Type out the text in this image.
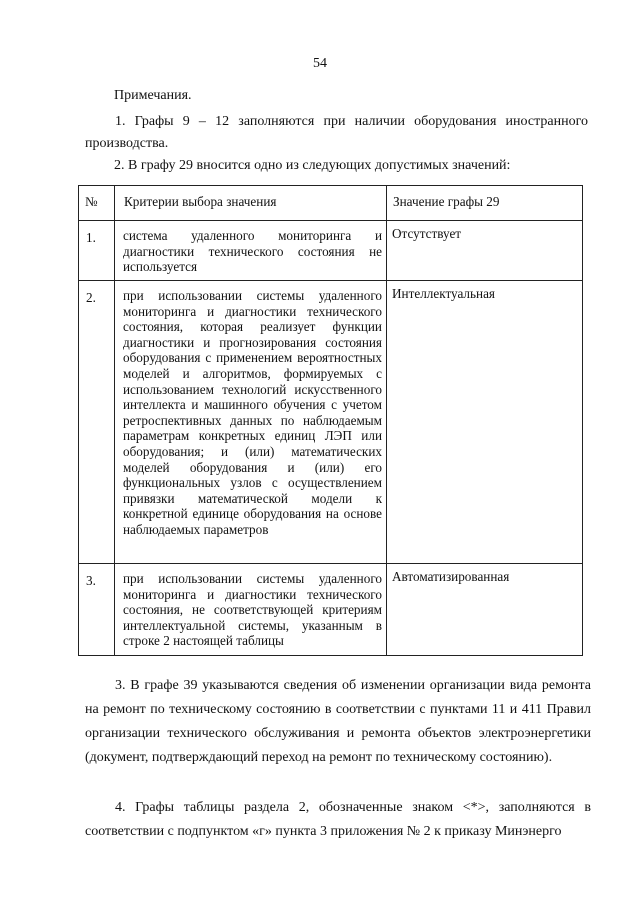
54
Примечания.
1. Графы 9 – 12 заполняются при наличии оборудования иностранного производства.
2. В графу 29 вносится одно из следующих допустимых значений:
№	Критерии выбора значения	Значение графы 29
1.	система удаленного мониторинга и диагностики технического состояния не используется	Отсутствует
2.	при использовании системы удаленного мониторинга и диагностики технического состояния, которая реализует функции диагностики и прогнозирования состояния оборудования с применением вероятностных моделей и алгоритмов, формируемых с использованием технологий искусственного интеллекта и машинного обучения с учетом ретроспективных данных по наблюдаемым параметрам конкретных единиц ЛЭП или оборудования; и (или) математических моделей оборудования и (или) его функциональных узлов с осуществлением привязки математической модели к конкретной единице оборудования на основе наблюдаемых параметров	Интеллектуальная
3.	при использовании системы удаленного мониторинга и диагностики технического состояния, не соответствующей критериям интеллектуальной системы, указанным в строке 2 настоящей таблицы	Автоматизированная
3. В графе 39 указываются сведения об изменении организации вида ремонта на ремонт по техническому состоянию в соответствии с пунктами 11 и 411 Правил организации технического обслуживания и ремонта объектов электроэнергетики (документ, подтверждающий переход на ремонт по техническому состоянию).
4. Графы таблицы раздела 2, обозначенные знаком <*>, заполняются в соответствии с подпунктом «г» пункта 3 приложения № 2 к приказу Минэнерго
